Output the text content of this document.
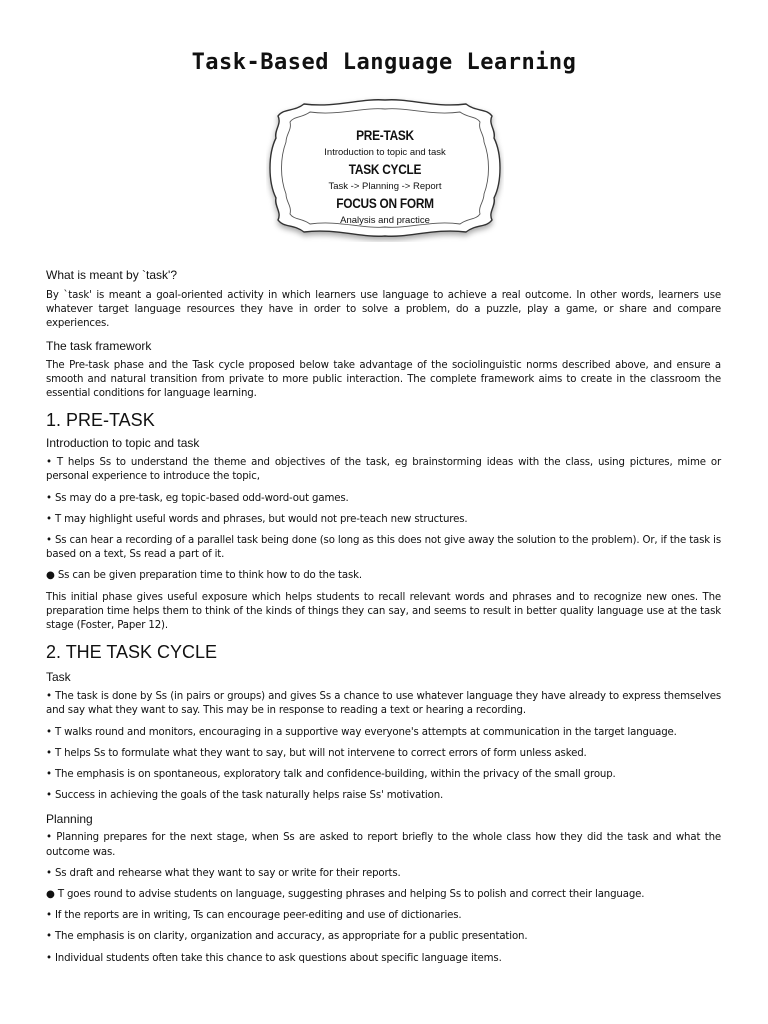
Task-Based Language Learning

PRE-TASK

Introduction to topic and task

TASK CYCLE

Task -> Planning -> Report

FOCUS ON FORM

Analysis and practice

What is meant by `task'?

By `task' is meant a goal-oriented activity in which learners use language to achieve a real outcome. In other words, learners use whatever target language resources they have in order to solve a problem, do a puzzle, play a game, or share and compare experiences.

The task framework

The Pre-task phase and the Task cycle proposed below take advantage of the sociolinguistic norms described above, and ensure a smooth and natural transition from private to more public interaction. The complete framework aims to create in the classroom the essential conditions for language learning.

1. PRE-TASK
Introduction to topic and task

• T helps Ss to understand the theme and objectives of the task, eg brainstorming ideas with the class, using pictures, mime or personal experience to introduce the topic,

• Ss may do a pre-task, eg topic-based odd-word-out games.

• T may highlight useful words and phrases, but would not pre-teach new structures.

• Ss can hear a recording of a parallel task being done (so long as this does not give away the solution to the problem). Or, if the task is based on a text, Ss read a part of it.

● Ss can be given preparation time to think how to do the task.

This initial phase gives useful exposure which helps students to recall relevant words and phrases and to recognize new ones. The preparation time helps them to think of the kinds of things they can say, and seems to result in better quality language use at the task stage (Foster, Paper 12).

2. THE TASK CYCLE
Task

• The task is done by Ss (in pairs or groups) and gives Ss a chance to use whatever language they have already to express themselves and say what they want to say. This may be in response to reading a text or hearing a recording.

• T walks round and monitors, encouraging in a supportive way everyone's attempts at communication in the target language.

• T helps Ss to formulate what they want to say, but will not intervene to correct errors of form unless asked.

• The emphasis is on spontaneous, exploratory talk and confidence-building, within the privacy of the small group.

• Success in achieving the goals of the task naturally helps raise Ss' motivation.

Planning

• Planning prepares for the next stage, when Ss are asked to report briefly to the whole class how they did the task and what the outcome was.

• Ss draft and rehearse what they want to say or write for their reports.

● T goes round to advise students on language, suggesting phrases and helping Ss to polish and correct their language.

• If the reports are in writing, Ts can encourage peer-editing and use of dictionaries.

• The emphasis is on clarity, organization and accuracy, as appropriate for a public presentation.

• Individual students often take this chance to ask questions about specific language items.
